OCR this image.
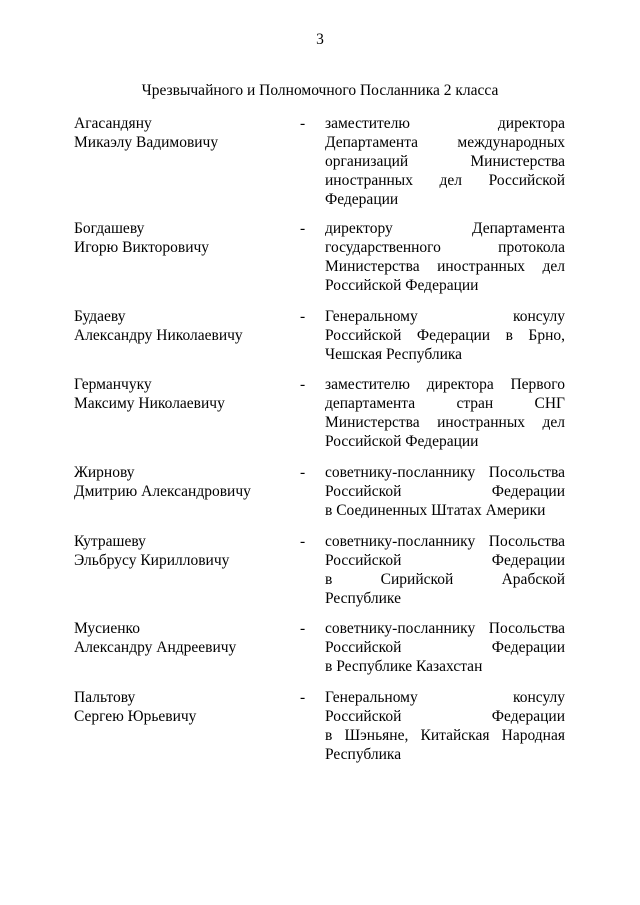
3
Чрезвычайного и Полномочного Посланника 2 класса
Агасандяну
Микаэлу Вадимовичу
- заместителю директора
Департамента международных
организаций Министерства
иностранных дел Российской
Федерации
Богдашеву
Игорю Викторовичу
- директору Департамента
государственного протокола
Министерства иностранных дел
Российской Федерации
Будаеву
Александру Николаевичу
- Генеральному консулу
Российской Федерации в Брно,
Чешская Республика
Германчуку
Максиму Николаевичу
- заместителю директора Первого
департамента стран СНГ
Министерства иностранных дел
Российской Федерации
Жирнову
Дмитрию Александровичу
- советнику-посланнику Посольства
Российской Федерации
в Соединенных Штатах Америки
Кутрашеву
Эльбрусу Кирилловичу
- советнику-посланнику Посольства
Российской Федерации
в Сирийской Арабской
Республике
Мусиенко
Александру Андреевичу
- советнику-посланнику Посольства
Российской Федерации
в Республике Казахстан
Пальтову
Сергею Юрьевичу
- Генеральному консулу
Российской Федерации
в Шэньяне, Китайская Народная
Республика
